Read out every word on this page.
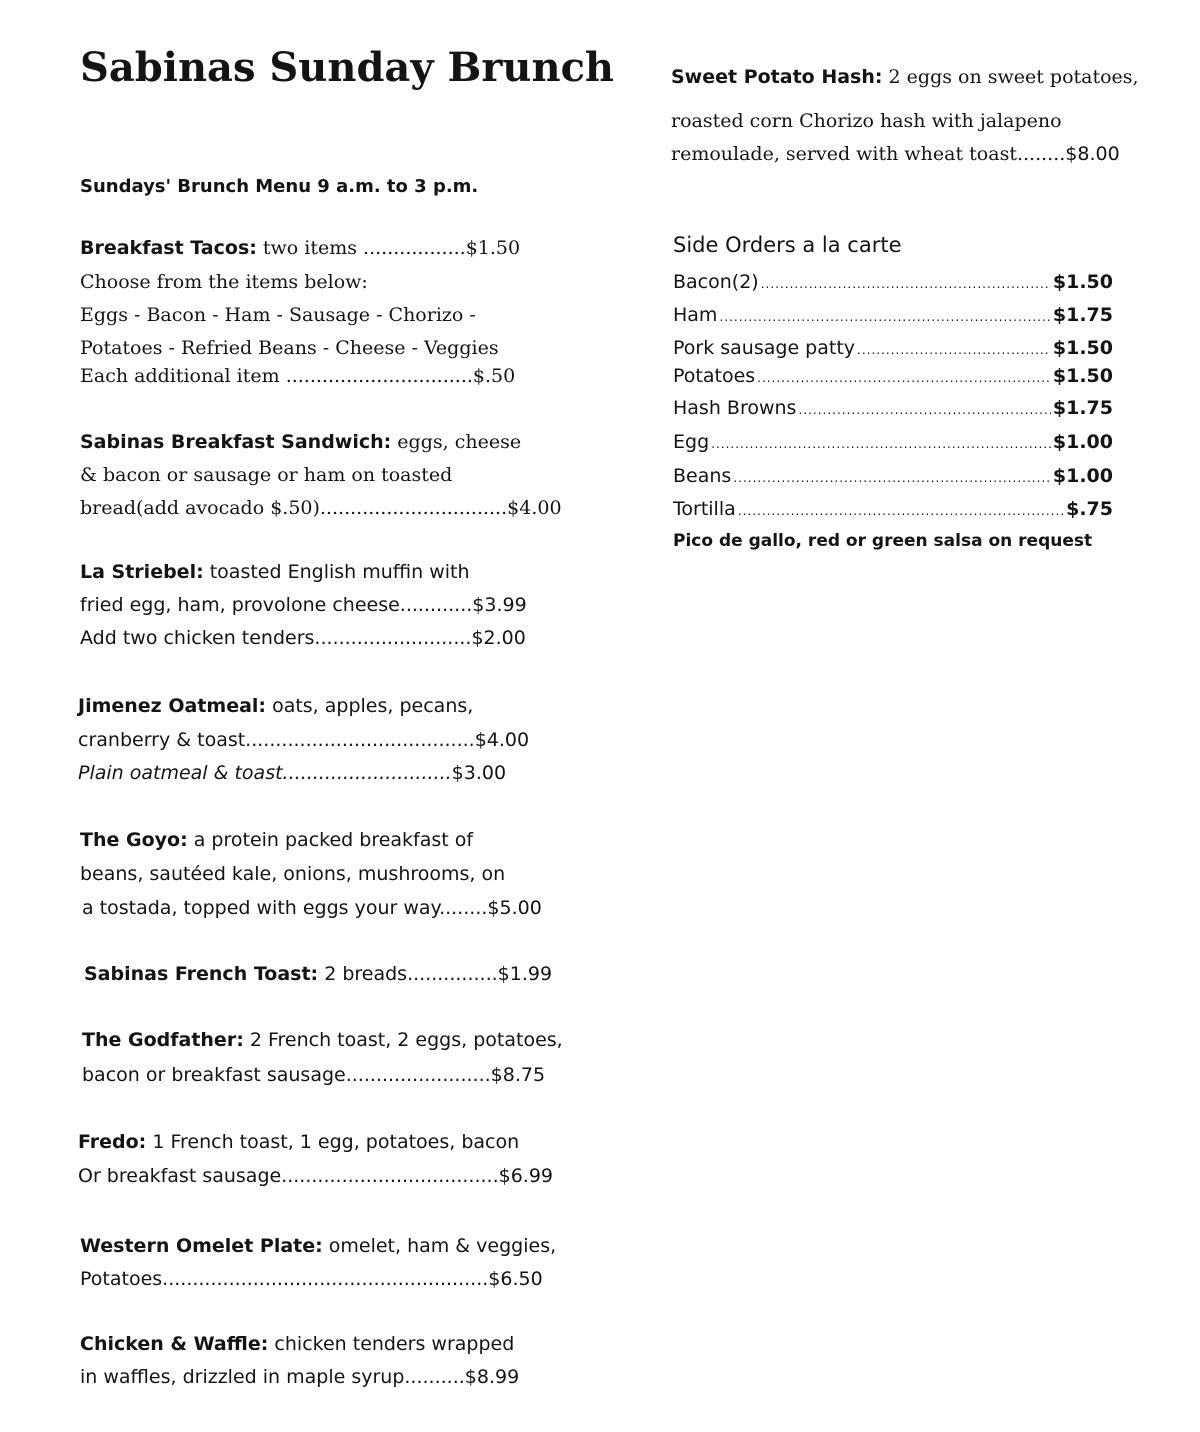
Sabinas Sunday Brunch
Sundays' Brunch Menu 9 a.m. to 3 p.m.
Breakfast Tacos: two items .................$1.50
Choose from the items below:
Eggs - Bacon - Ham - Sausage - Chorizo -
Potatoes - Refried Beans - Cheese - Veggies
Each additional item ...............................$.50
Sabinas Breakfast Sandwich: eggs, cheese
& bacon or sausage or ham on toasted
bread(add avocado $.50)...............................$4.00
La Striebel: toasted English muffin with
fried egg, ham, provolone cheese............$3.99
Add two chicken tenders..........................$2.00
Jimenez Oatmeal: oats, apples, pecans,
cranberry & toast......................................$4.00
Plain oatmeal & toast............................$3.00
The Goyo: a protein packed breakfast of
beans, sautéed kale, onions, mushrooms, on
a tostada, topped with eggs your way........$5.00
Sabinas French Toast: 2 breads...............$1.99
The Godfather: 2 French toast, 2 eggs, potatoes,
bacon or breakfast sausage........................$8.75
Fredo: 1 French toast, 1 egg, potatoes, bacon
Or breakfast sausage....................................$6.99
Western Omelet Plate: omelet, ham & veggies,
Potatoes......................................................$6.50
Chicken & Waffle: chicken tenders wrapped
in waffles, drizzled in maple syrup..........$8.99
Sweet Potato Hash: 2 eggs on sweet potatoes,
roasted corn Chorizo hash with jalapeno
remoulade, served with wheat toast........$8.00
Side Orders a la carte
Bacon(2) .....	$1.50
Ham .....	$1.75
Pork sausage patty .....	$1.50
Potatoes .....	$1.50
Hash Browns .....	$1.75
Egg .....	$1.00
Beans .....	$1.00
Tortilla .....	$.75
Pico de gallo, red or green salsa on request
